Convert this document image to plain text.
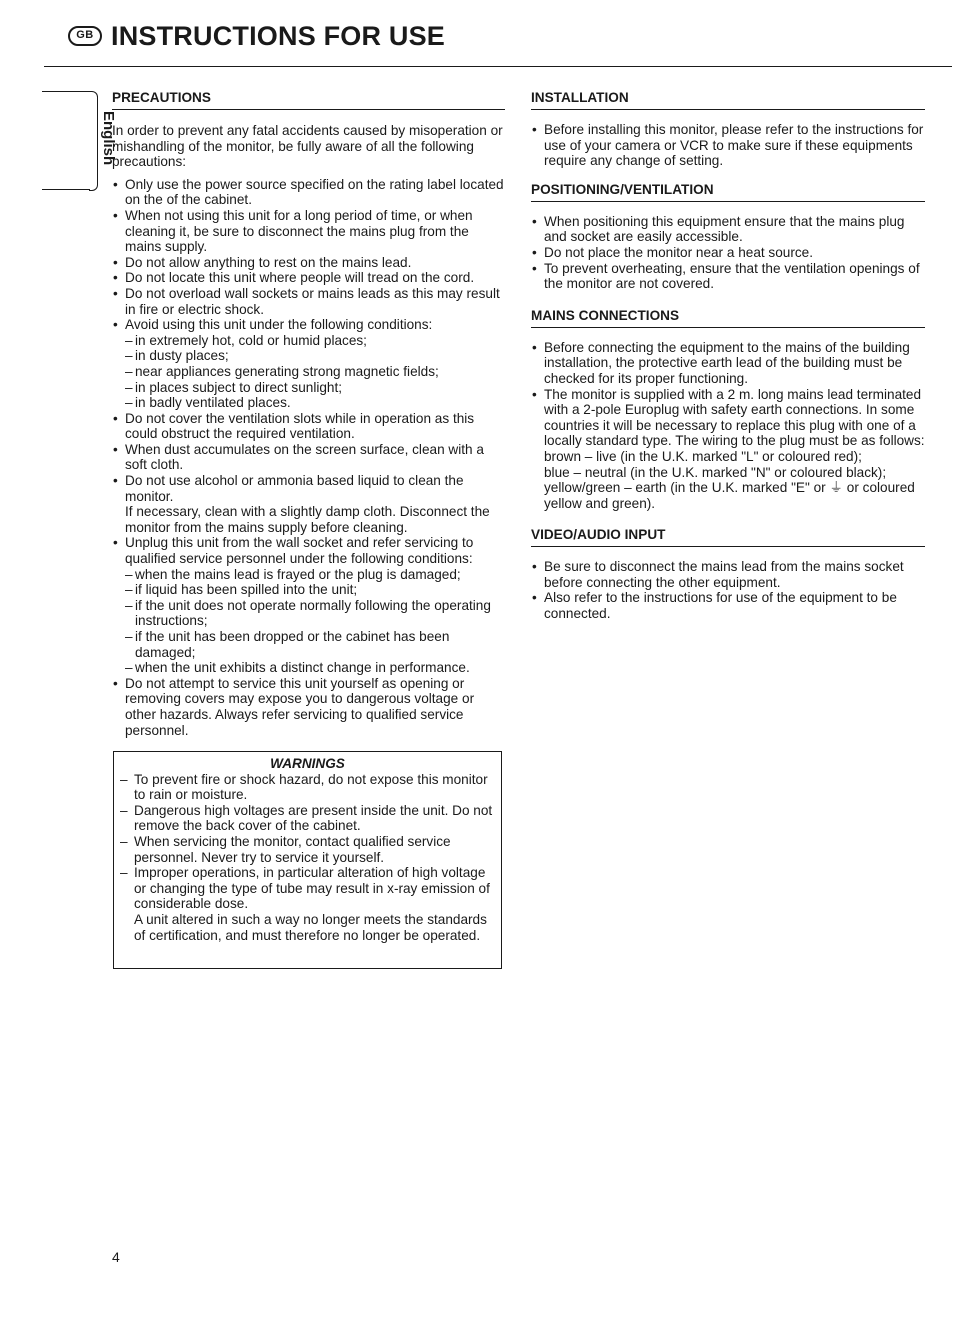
GB INSTRUCTIONS FOR USE
English
PRECAUTIONS

In order to prevent any fatal accidents caused by misoperation or mishandling of the monitor, be fully aware of all the following precautions:

• Only use the power source specified on the rating label located on the of the cabinet.
• When not using this unit for a long period of time, or when cleaning it, be sure to disconnect the mains plug from the mains supply.
• Do not allow anything to rest on the mains lead.
• Do not locate this unit where people will tread on the cord.
• Do not overload wall sockets or mains leads as this may result in fire or electric shock.
• Avoid using this unit under the following conditions:
– in extremely hot, cold or humid places;
– in dusty places;
– near appliances generating strong magnetic fields;
– in places subject to direct sunlight;
– in badly ventilated places.
• Do not cover the ventilation slots while in operation as this could obstruct the required ventilation.
• When dust accumulates on the screen surface, clean with a soft cloth.
• Do not use alcohol or ammonia based liquid to clean the monitor.
If necessary, clean with a slightly damp cloth. Disconnect the monitor from the mains supply before cleaning.
• Unplug this unit from the wall socket and refer servicing to qualified service personnel under the following conditions:
– when the mains lead is frayed or the plug is damaged;
– if liquid has been spilled into the unit;
– if the unit does not operate normally following the operating instructions;
– if the unit has been dropped or the cabinet has been damaged;
– when the unit exhibits a distinct change in performance.
• Do not attempt to service this unit yourself as opening or removing covers may expose you to dangerous voltage or other hazards. Always refer servicing to qualified service personnel.
WARNINGS
– To prevent fire or shock hazard, do not expose this monitor to rain or moisture.
– Dangerous high voltages are present inside the unit. Do not remove the back cover of the cabinet.
– When servicing the monitor, contact qualified service personnel. Never try to service it yourself.
– Improper operations, in particular alteration of high voltage or changing the type of tube may result in x-ray emission of considerable dose.
A unit altered in such a way no longer meets the standards of certification, and must therefore no longer be operated.
INSTALLATION
• Before installing this monitor, please refer to the instructions for use of your camera or VCR to make sure if these equipments require any change of setting.
POSITIONING/VENTILATION
• When positioning this equipment ensure that the mains plug and socket are easily accessible.
• Do not place the monitor near a heat source.
• To prevent overheating, ensure that the ventilation openings of the monitor are not covered.
MAINS CONNECTIONS
• Before connecting the equipment to the mains of the building installation, the protective earth lead of the building must be checked for its proper functioning.
• The monitor is supplied with a 2 m. long mains lead terminated with a 2-pole Europlug with safety earth connections. In some countries it will be necessary to replace this plug with one of a locally standard type. The wiring to the plug must be as follows:
brown – live (in the U.K. marked "L" or coloured red);
blue – neutral (in the U.K. marked "N" or coloured black);
yellow/green – earth (in the U.K. marked "E" or ⏚ or coloured yellow and green).
VIDEO/AUDIO INPUT
• Be sure to disconnect the mains lead from the mains socket before connecting the other equipment.
• Also refer to the instructions for use of the equipment to be connected.
4
